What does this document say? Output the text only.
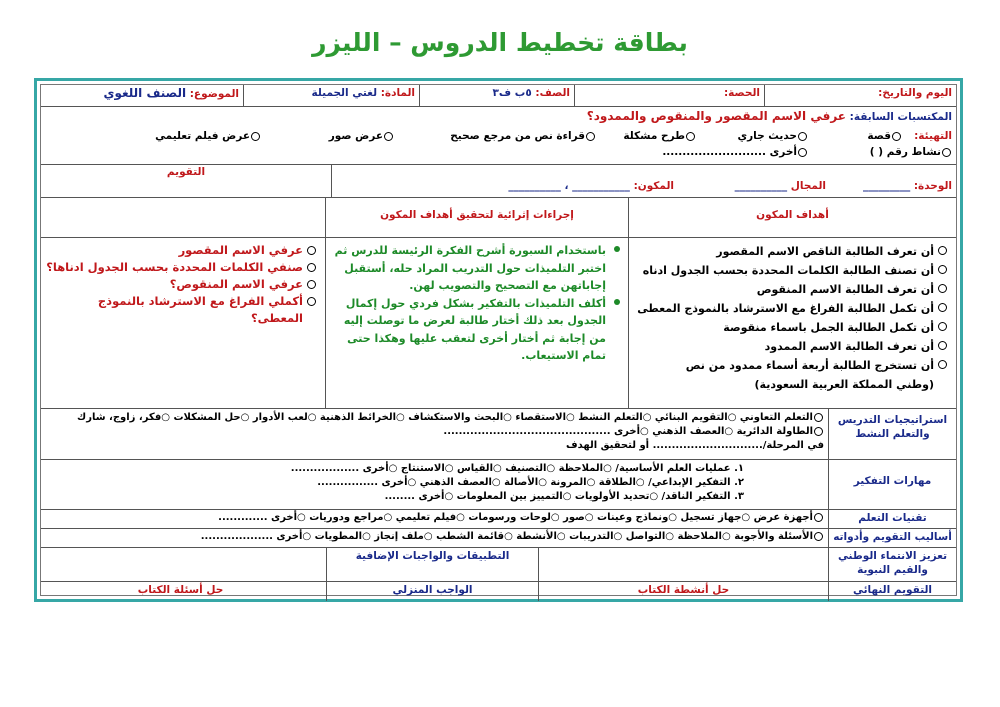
بطاقة تخطيط الدروس – الليزر
اليوم والتاريخ:
الحصة:
الصف: ٥ب ف٣
المادة: لغتي الجميلة
الموضوع: الصنف اللغوي
المكتسبات السابقة: عرفي الاسم المقصور والمنقوص والممدود؟
التهيئة:
قصة
حديث جاري
طرح مشكلة
قراءة نص من مرجع صحيح
عرض صور
عرض فيلم تعليمي
نشاط رقم ( )
أخرى ..........................
الوحدة: _________
المجال __________
المكون: ___________ ، __________
التقويم
أهداف المكون
إجراءات إثرائية لتحقيق أهداف المكون
أن تعرف الطالبة الناقص الاسم المقصور
أن تصنف الطالبة الكلمات المحددة بحسب الجدول ادناه
أن تعرف الطالبة الاسم المنقوص
أن تكمل الطالبة الفراغ مع الاسترشاد بالنموذج المعطى
أن تكمل الطالبة الجمل باسماء منقوصة
أن تعرف الطالبة الاسم الممدود
أن تستخرج الطالبة أربعة أسماء ممدود من نص
(وطني المملكة العربية السعودية)
باستخدام السبورة أشرح الفكرة الرئيسة للدرس ثم اختبر التلميذات حول التدريب المراد حله، أستقبل إجاباتهن مع التصحيح والتصويب لهن.
أكلف التلميذات بالتفكير بشكل فردي حول إكمال الجدول بعد ذلك أختار طالبة لعرض ما توصلت إليه من إجابة ثم أختار أخرى لتعقب عليها وهكذا حتى تمام الاستيعاب.
عرفي الاسم المقصور
صنفي الكلمات المحددة بحسب الجدول ادناها؟
عرفي الاسم المنقوص؟
أكملي الفراغ مع الاسترشاد بالنموذج المعطى؟
استراتيجيات التدريس والتعلم النشط
التعلم التعاوني ○التقويم البنائي ○التعلم النشط ○الاستقصاء ○البحث والاستكشاف ○الخرائط الذهنية ○لعب الأدوار ○حل المشكلات ○فكر، زاوج، شارك
الطاولة الدائرية ○العصف الذهني ○أخرى ............................................
في المرحلة/............................. أو لتحقيق الهدف
مهارات التفكير
١. عمليات العلم الأساسية/ ○الملاحظة ○التصنيف ○القياس ○الاستنتاج ○أخرى ..................
٢. التفكير الإبداعي/ ○الطلاقة ○المرونة ○الأصالة ○العصف الذهني ○أخرى ................
٣. التفكير الناقد/ ○تحديد الأولويات ○التمييز بين المعلومات ○أخرى ........
تقنيات التعلم
أجهزة عرض ○جهاز تسجيل ○ونماذج وعينات ○صور ○لوحات ورسومات ○فيلم تعليمي ○مراجع ودوريات ○أخرى .............
أساليب التقويم وأدواته
الأسئلة والأجوبة ○الملاحظة ○التواصل ○التدريبات ○الأنشطة ○قائمة الشطب ○ملف إنجاز ○المطويات ○أخرى ...................
تعزيز الانتماء الوطني والقيم النبوية
التطبيقات والواجبات الإضافية
التقويم النهائي
حل أنشطة الكتاب
الواجب المنزلي
حل أسئلة الكتاب
